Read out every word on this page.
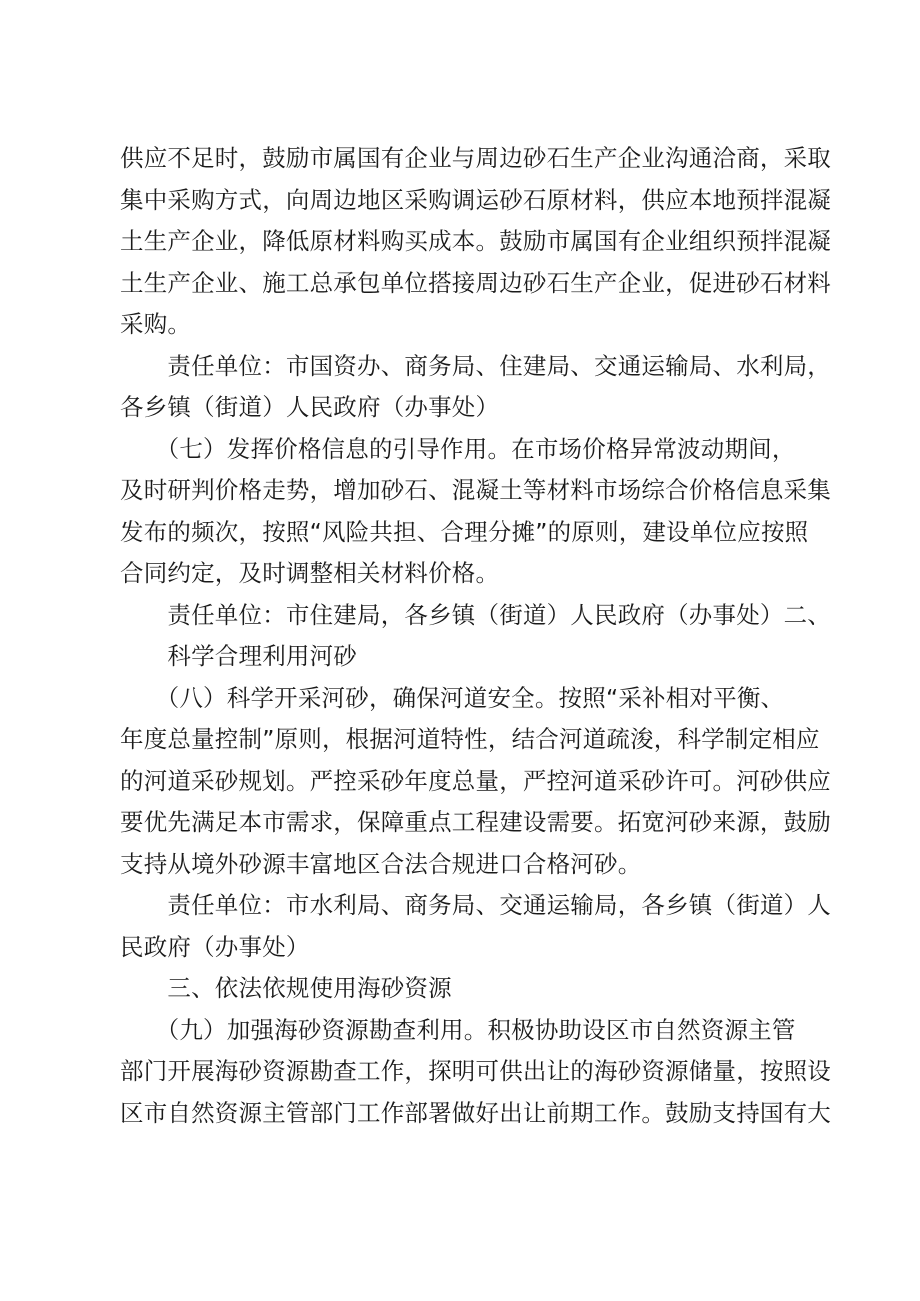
供应不足时，鼓励市属国有企业与周边砂石生产企业沟通洽商，采取
集中采购方式，向周边地区采购调运砂石原材料，供应本地预拌混凝
土生产企业，降低原材料购买成本。鼓励市属国有企业组织预拌混凝
土生产企业、施工总承包单位搭接周边砂石生产企业，促进砂石材料
采购。

　　责任单位：市国资办、商务局、住建局、交通运输局、水利局，
各乡镇（街道）人民政府（办事处）

　　（七）发挥价格信息的引导作用。在市场价格异常波动期间，
及时研判价格走势，增加砂石、混凝土等材料市场综合价格信息采集
发布的频次，按照“风险共担、合理分摊”的原则，建设单位应按照
合同约定，及时调整相关材料价格。

　　责任单位：市住建局，各乡镇（街道）人民政府（办事处）二、
　　科学合理利用河砂

　　（八）科学开采河砂，确保河道安全。按照“采补相对平衡、
年度总量控制”原则，根据河道特性，结合河道疏浚，科学制定相应
的河道采砂规划。严控采砂年度总量，严控河道采砂许可。河砂供应
要优先满足本市需求，保障重点工程建设需要。拓宽河砂来源，鼓励
支持从境外砂源丰富地区合法合规进口合格河砂。

　　责任单位：市水利局、商务局、交通运输局，各乡镇（街道）人
民政府（办事处）

　　三、依法依规使用海砂资源

　　（九）加强海砂资源勘查利用。积极协助设区市自然资源主管
部门开展海砂资源勘查工作，探明可供出让的海砂资源储量，按照设
区市自然资源主管部门工作部署做好出让前期工作。鼓励支持国有大
